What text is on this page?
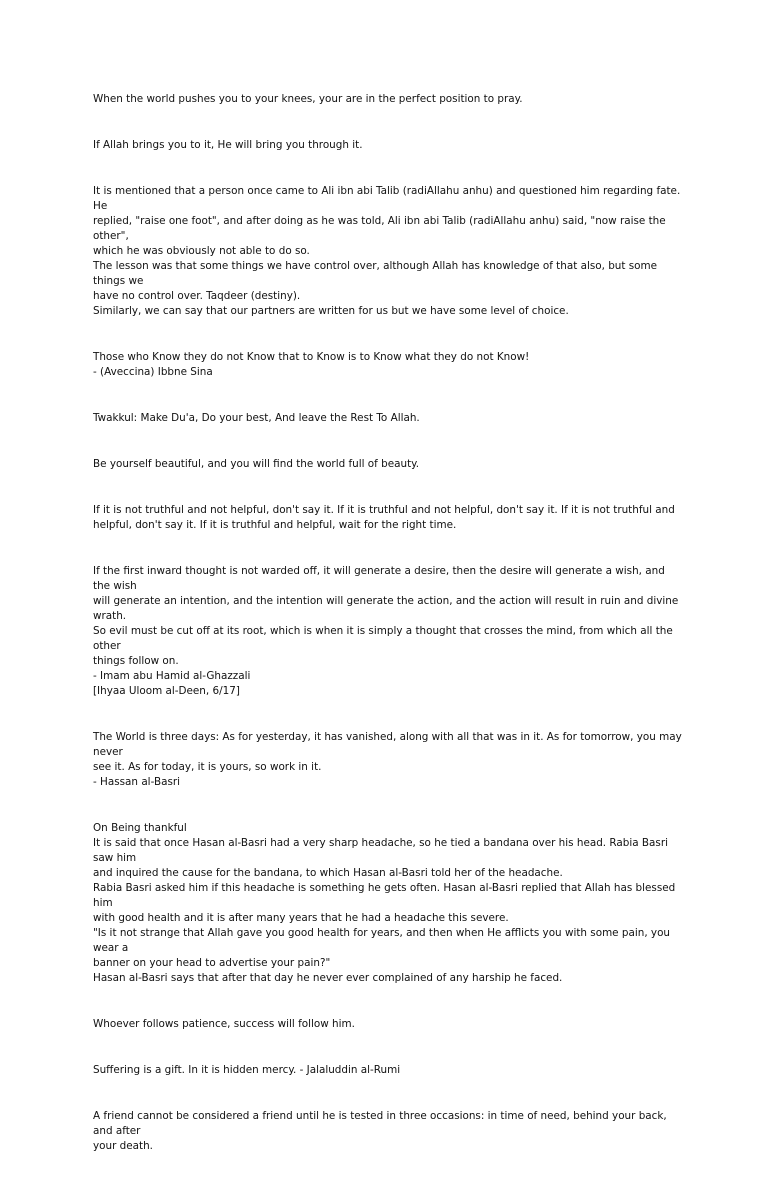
When the world pushes you to your knees, your are in the perfect position to pray.
If Allah brings you to it, He will bring you through it.
It is mentioned that a person once came to Ali ibn abi Talib (radiAllahu anhu) and questioned him regarding fate. He
replied, "raise one foot", and after doing as he was told, Ali ibn abi Talib (radiAllahu anhu) said, "now raise the other",
which he was obviously not able to do so.
The lesson was that some things we have control over, although Allah has knowledge of that also, but some things we
have no control over. Taqdeer (destiny).
Similarly, we can say that our partners are written for us but we have some level of choice.
Those who Know they do not Know that to Know is to Know what they do not Know!
- (Aveccina) Ibbne Sina
Twakkul: Make Du'a, Do your best, And leave the Rest To Allah.
Be yourself beautiful, and you will find the world full of beauty.
If it is not truthful and not helpful, don't say it. If it is truthful and not helpful, don't say it. If it is not truthful and
helpful, don't say it. If it is truthful and helpful, wait for the right time.
If the first inward thought is not warded off, it will generate a desire, then the desire will generate a wish, and the wish
will generate an intention, and the intention will generate the action, and the action will result in ruin and divine wrath.
So evil must be cut off at its root, which is when it is simply a thought that crosses the mind, from which all the other
things follow on.
- Imam abu Hamid al-Ghazzali
[Ihyaa Uloom al-Deen, 6/17]
The World is three days: As for yesterday, it has vanished, along with all that was in it. As for tomorrow, you may never
see it. As for today, it is yours, so work in it.
- Hassan al-Basri
On Being thankful
It is said that once Hasan al-Basri had a very sharp headache, so he tied a bandana over his head. Rabia Basri saw him
and inquired the cause for the bandana, to which Hasan al-Basri told her of the headache.
Rabia Basri asked him if this headache is something he gets often. Hasan al-Basri replied that Allah has blessed him
with good health and it is after many years that he had a headache this severe.
"Is it not strange that Allah gave you good health for years, and then when He afflicts you with some pain, you wear a
banner on your head to advertise your pain?"
Hasan al-Basri says that after that day he never ever complained of any harship he faced.
Whoever follows patience, success will follow him.
Suffering is a gift. In it is hidden mercy. - Jalaluddin al-Rumi
A friend cannot be considered a friend until he is tested in three occasions: in time of need, behind your back, and after
your death.
